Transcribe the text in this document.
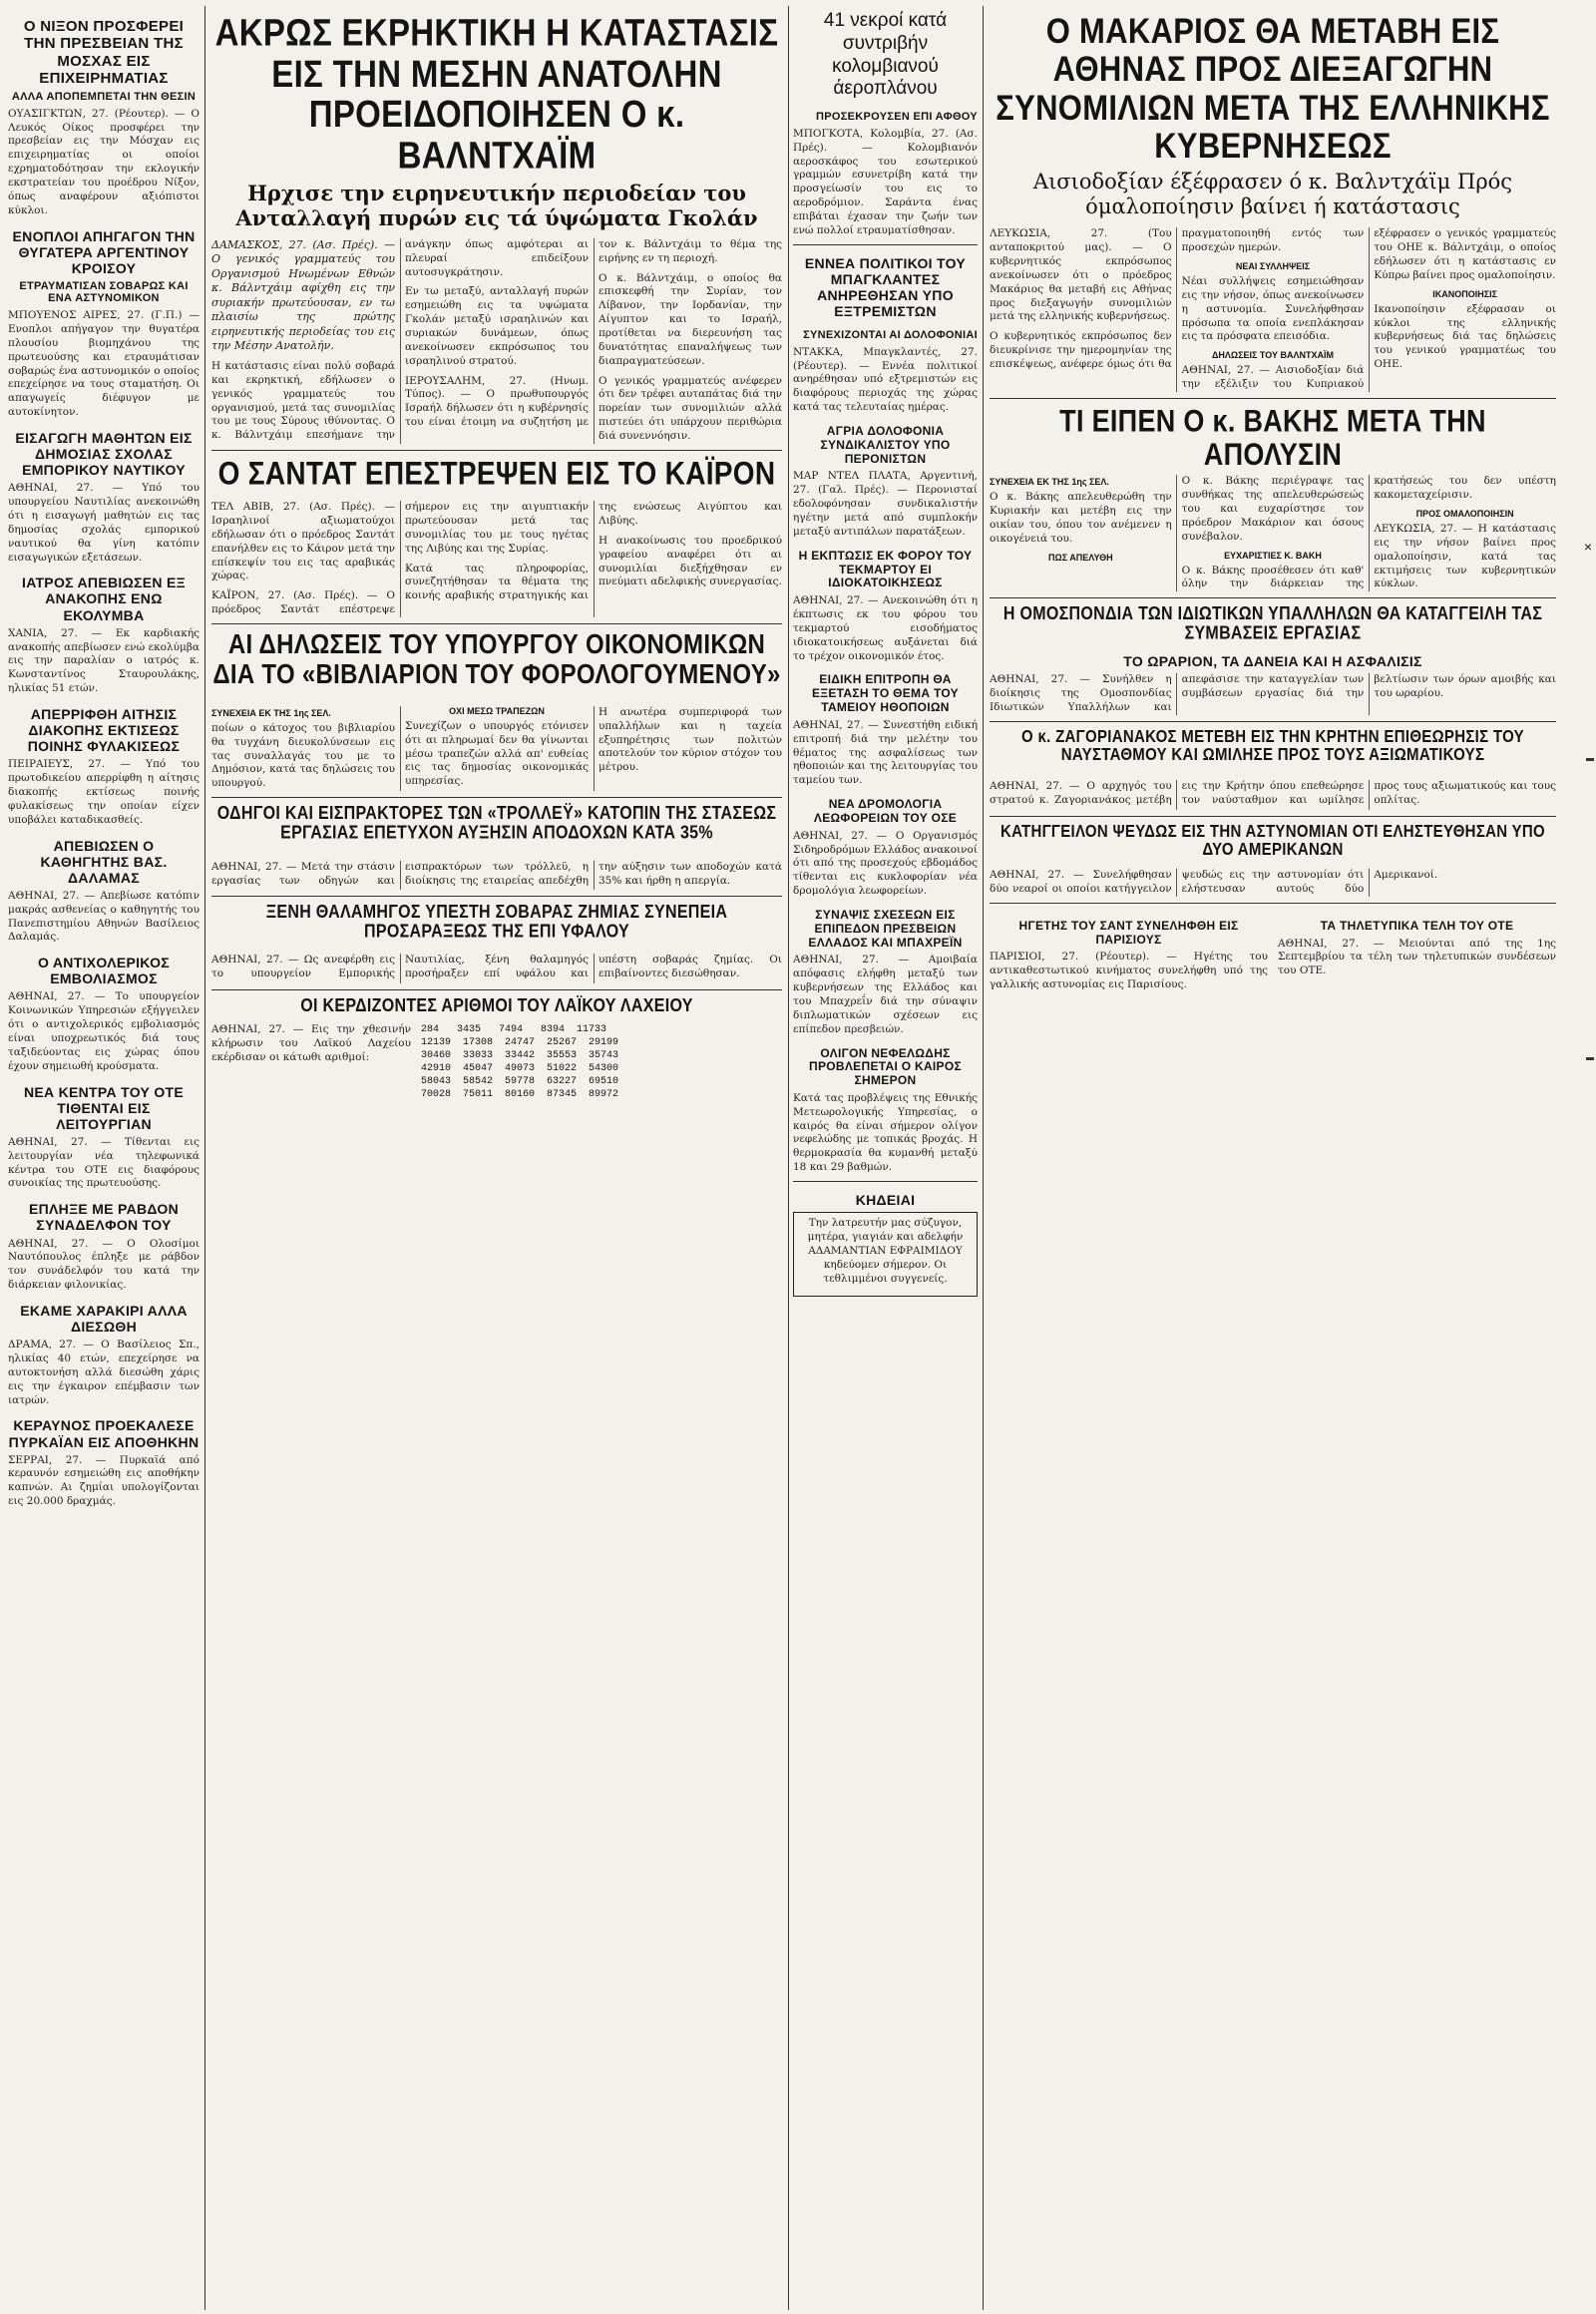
Ο ΝΙΞΟΝ ΠΡΟΣΦΕΡΕΙ ΤΗΝ ΠΡΕΣΒΕΙΑΝ ΤΗΣ ΜΟΣΧΑΣ ΕΙΣ ΕΠΙΧΕΙΡΗΜΑΤΙΑΣ
ΑΛΛΑ ΑΠΟΠΕΜΠΕΤΑΙ ΤΗΝ ΘΕΣΙΝ

ΟΥΑΣΙΓΚΤΩΝ, 27. (Ρέουτερ). — Ο Λευκός Οίκος προσφέρει την πρεσβείαν εις την Μόσχαν εις επιχειρηματίας οι οποίοι εχρηματοδότησαν την εκλογικήν εκστρατείαν του προέδρου Νίξον, όπως αναφέρουν αξιόπιστοι κύκλοι.

ΕΝΟΠΛΟΙ ΑΠΗΓΑΓΟΝ ΤΗΝ ΘΥΓΑΤΕΡΑ ΑΡΓΕΝΤΙΝΟΥ ΚΡΟΙΣΟΥ
ΕΤΡΑΥΜΑΤΙΣΑΝ ΣΟΒΑΡΩΣ ΚΑΙ ΕΝΑ ΑΣΤΥΝΟΜΙΚΟΝ

ΜΠΟΥΕΝΟΣ ΑΙΡΕΣ, 27. (Γ.Π.) — Ενοπλοι απήγαγον την θυγατέρα πλουσίου βιομηχάνου της πρωτευούσης και ετραυμάτισαν σοβαρώς ένα αστυνομικόν ο οποίος επεχείρησε να τους σταματήση. Οι απαγωγείς διέφυγον με αυτοκίνητον.

ΕΙΣΑΓΩΓΗ ΜΑΘΗΤΩΝ ΕΙΣ ΔΗΜΟΣΙΑΣ ΣΧΟΛΑΣ ΕΜΠΟΡΙΚΟΥ ΝΑΥΤΙΚΟΥ

ΑΘΗΝΑΙ, 27. — Υπό του υπουργείου Ναυτιλίας ανεκοινώθη ότι η εισαγωγή μαθητών εις τας δημοσίας σχολάς εμπορικού ναυτικού θα γίνη κατόπιν εισαγωγικών εξετάσεων.

ΙΑΤΡΟΣ ΑΠΕΒΙΩΣΕΝ ΕΞ ΑΝΑΚΟΠΗΣ ΕΝΩ ΕΚΟΛΥΜΒΑ

ΧΑΝΙΑ, 27. — Εκ καρδιακής ανακοπής απεβίωσεν ενώ εκολύμβα εις την παραλίαν ο ιατρός κ. Κωνσταντίνος Σταυρουλάκης, ηλικίας 51 ετών.

ΑΠΕΡΡΙΦΘΗ ΑΙΤΗΣΙΣ ΔΙΑΚΟΠΗΣ ΕΚΤΙΣΕΩΣ ΠΟΙΝΗΣ ΦΥΛΑΚΙΣΕΩΣ

ΠΕΙΡΑΙΕΥΣ, 27. — Υπό του πρωτοδικείου απερρίφθη η αίτησις διακοπής εκτίσεως ποινής φυλακίσεως την οποίαν είχεν υποβάλει καταδικασθείς.

ΑΠΕΒΙΩΣΕΝ Ο ΚΑΘΗΓΗΤΗΣ ΒΑΣ. ΔΑΛΑΜΑΣ

ΑΘΗΝΑΙ, 27. — Απεβίωσε κατόπιν μακράς ασθενείας ο καθηγητής του Πανεπιστημίου Αθηνών Βασίλειος Δαλαμάς.

Ο ΑΝΤΙΧΟΛΕΡΙΚΟΣ ΕΜΒΟΛΙΑΣΜΟΣ

ΑΘΗΝΑΙ, 27. — Το υπουργείον Κοινωνικών Υπηρεσιών εξήγγειλεν ότι ο αντιχολερικός εμβολιασμός είναι υποχρεωτικός διά τους ταξιδεύοντας εις χώρας όπου έχουν σημειωθή κρούσματα.

ΝΕΑ ΚΕΝΤΡΑ ΤΟΥ ΟΤΕ ΤΙΘΕΝΤΑΙ ΕΙΣ ΛΕΙΤΟΥΡΓΙΑΝ

ΑΘΗΝΑΙ, 27. — Τίθενται εις λειτουργίαν νέα τηλεφωνικά κέντρα του ΟΤΕ εις διαφόρους συνοικίας της πρωτευούσης.

ΕΠΛΗΞΕ ΜΕ ΡΑΒΔΟΝ ΣΥΝΑΔΕΛΦΟΝ ΤΟΥ

ΑΘΗΝΑΙ, 27. — Ο Ολοσίμοι Ναυτόπουλος έπληξε με ράβδον τον συνάδελφόν του κατά την διάρκειαν φιλονικίας.

ΕΚΑΜΕ ΧΑΡΑΚΙΡΙ ΑΛΛΑ ΔΙΕΣΩΘΗ

ΔΡΑΜΑ, 27. — Ο Βασίλειος Σπ., ηλικίας 40 ετών, επεχείρησε να αυτοκτονήση αλλά διεσώθη χάρις εις την έγκαιρον επέμβασιν των ιατρών.

ΚΕΡΑΥΝΟΣ ΠΡΟΕΚΑΛΕΣΕ ΠΥΡΚΑΪΑΝ ΕΙΣ ΑΠΟΘΗΚΗΝ

ΣΕΡΡΑΙ, 27. — Πυρκαϊά από κεραυνόν εσημειώθη εις αποθήκην καπνών. Αι ζημίαι υπολογίζονται εις 20.000 δραχμάς.

ΑΚΡΩΣ ΕΚΡΗΚΤΙΚΗ Η ΚΑΤΑΣΤΑΣΙΣ ΕΙΣ ΤΗΝ ΜΕΣΗΝ ΑΝΑΤΟΛΗΝ ΠΡΟΕΙΔΟΠΟΙΗΣΕΝ Ο κ. ΒΑΛΝΤΧΑΪΜ
Ηρχισε την ειρηνευτικήν περιοδείαν του Ανταλλαγή πυρών εις τά ύψώματα Γκολάν

ΔΑΜΑΣΚΟΣ, 27. (Ασ. Πρές). — Ο γενικός γραμματεύς του Οργανισμού Ηνωμένων Εθνών κ. Βάλντχάιμ αφίχθη εις την συριακήν πρωτεύουσαν, εν τω πλαισίω της πρώτης ειρηνευτικής περιοδείας του εις την Μέσην Ανατολήν.

Η κατάστασις είναι πολύ σοβαρά και εκρηκτική, εδήλωσεν ο γενικός γραμματεύς του οργανισμού, μετά τας συνομιλίας του με τους Σύρους ιθύνοντας. Ο κ. Βάλντχάιμ επεσήμανε την ανάγκην όπως αμφότεραι αι πλευραί επιδείξουν αυτοσυγκράτησιν.

Εν τω μεταξύ, ανταλλαγή πυρών εσημειώθη εις τα υψώματα Γκολάν μεταξύ ισραηλινών και συριακών δυνάμεων, όπως ανεκοίνωσεν εκπρόσωπος του ισραηλινού στρατού.

ΙΕΡΟΥΣΑΛΗΜ, 27. (Ηνωμ. Τύπος). — Ο πρωθυπουργός Ισραήλ δήλωσεν ότι η κυβέρνησίς του είναι έτοιμη να συζητήση με τον κ. Βάλντχάιμ το θέμα της ειρήνης εν τη περιοχή.

Ο κ. Βάλντχάιμ, ο οποίος θα επισκεφθή την Συρίαν, τον Λίβανον, την Ιορδανίαν, την Αίγυπτον και το Ισραήλ, προτίθεται να διερευνήση τας δυνατότητας επαναλήψεως των διαπραγματεύσεων.

Ο γενικός γραμματεύς ανέφερεν ότι δεν τρέφει αυταπάτας διά την πορείαν των συνομιλιών αλλά πιστεύει ότι υπάρχουν περιθώρια διά συνεννόησιν.

Ο ΣΑΝΤΑΤ ΕΠΕΣΤΡΕΨΕΝ ΕΙΣ ΤΟ ΚΑΪΡΟΝ

ΤΕΛ ΑΒΙΒ, 27. (Ασ. Πρές). — Ισραηλινοί αξιωματούχοι εδήλωσαν ότι ο πρόεδρος Σαντάτ επανήλθεν εις το Κάιρον μετά την επίσκεψίν του εις τας αραβικάς χώρας.

ΚΑΪΡΟΝ, 27. (Ασ. Πρές). — Ο πρόεδρος Σαντάτ επέστρεψε σήμερον εις την αιγυπτιακήν πρωτεύουσαν μετά τας συνομιλίας του με τους ηγέτας της Λιβύης και της Συρίας.

Κατά τας πληροφορίας, συνεζητήθησαν τα θέματα της κοινής αραβικής στρατηγικής και της ενώσεως Αιγύπτου και Λιβύης.

Η ανακοίνωσις του προεδρικού γραφείου αναφέρει ότι αι συνομιλίαι διεξήχθησαν εν πνεύματι αδελφικής συνεργασίας.

ΑΙ ΔΗΛΩΣΕΙΣ ΤΟΥ ΥΠΟΥΡΓΟΥ ΟΙΚΟΝΟΜΙΚΩΝ ΔΙΑ ΤΟ «ΒΙΒΛΙΑΡΙΟΝ ΤΟΥ ΦΟΡΟΛΟΓΟΥΜΕΝΟΥ»
ΣΥΝΕΧΕΙΑ ΕΚ ΤΗΣ 1ης ΣΕΛ.

ποίων ο κάτοχος του βιβλιαρίου θα τυγχάνη διευκολύνσεων εις τας συναλλαγάς του με το Δημόσιον, κατά τας δηλώσεις του υπουργού.

ΟΧΙ ΜΕΣΩ ΤΡΑΠΕΖΩΝ

Συνεχίζων ο υπουργός ετόνισεν ότι αι πληρωμαί δεν θα γίνωνται μέσω τραπεζών αλλά απ' ευθείας εις τας δημοσίας οικονομικάς υπηρεσίας.

Η ανωτέρα συμπεριφορά των υπαλλήλων και η ταχεία εξυπηρέτησις των πολιτών αποτελούν τον κύριον στόχον του μέτρου.

ΟΔΗΓΟΙ ΚΑΙ ΕΙΣΠΡΑΚΤΟΡΕΣ ΤΩΝ «ΤΡΟΛΛΕΫ» ΚΑΤΟΠΙΝ ΤΗΣ ΣΤΑΣΕΩΣ ΕΡΓΑΣΙΑΣ ΕΠΕΤΥΧΟΝ ΑΥΞΗΣΙΝ ΑΠΟΔΟΧΩΝ ΚΑΤΑ 35%

ΑΘΗΝΑΙ, 27. — Μετά την στάσιν εργασίας των οδηγών και εισπρακτόρων των τρόλλεϋ, η διοίκησις της εταιρείας απεδέχθη την αύξησιν των αποδοχών κατά 35% και ήρθη η απεργία.

ΞΕΝΗ ΘΑΛΑΜΗΓΟΣ ΥΠΕΣΤΗ ΣΟΒΑΡΑΣ ΖΗΜΙΑΣ ΣΥΝΕΠΕΙΑ ΠΡΟΣΑΡΑΞΕΩΣ ΤΗΣ ΕΠΙ ΥΦΑΛΟΥ

ΑΘΗΝΑΙ, 27. — Ως ανεφέρθη εις το υπουργείον Εμπορικής Ναυτιλίας, ξένη θαλαμηγός προσήραξεν επί υφάλου και υπέστη σοβαράς ζημίας. Οι επιβαίνοντες διεσώθησαν.

ΟΙ ΚΕΡΔΙΖΟΝΤΕΣ ΑΡΙΘΜΟΙ ΤΟΥ ΛΑΪΚΟΥ ΛΑΧΕΙΟΥ

ΑΘΗΝΑΙ, 27. — Εις την χθεσινήν κλήρωσιν του Λαϊκού Λαχείου εκέρδισαν οι κάτωθι αριθμοί:

284   3435   7494   8394  11733
12139  17308  24747  25267  29199
30460  33033  33442  35553  35743
42910  45047  49073  51022  54300
58043  58542  59778  63227  69510
70028  75011  80160  87345  89972
41 νεκροί κατά συντριβήν κολομβιανού άεροπλάνου
ΠΡΟΣΕΚΡΟΥΣΕΝ ΕΠΙ ΑΦΘΟΥ

ΜΠΟΓΚΟΤΑ, Κολομβία, 27. (Ασ. Πρές). — Κολομβιανόν αεροσκάφος του εσωτερικού γραμμών εσυνετρίβη κατά την προσγείωσίν του εις το αεροδρόμιον. Σαράντα ένας επιβάται έχασαν την ζωήν των ενώ πολλοί ετραυματίσθησαν.

ΕΝΝΕΑ ΠΟΛΙΤΙΚΟΙ ΤΟΥ ΜΠΑΓΚΛΑΝΤΕΣ ΑΝΗΡΕΘΗΣΑΝ ΥΠΟ ΕΞΤΡΕΜΙΣΤΩΝ
ΣΥΝΕΧΙΖΟΝΤΑΙ ΑΙ ΔΟΛΟΦΟΝΙΑΙ

ΝΤΑΚΚΑ, Μπαγκλαντές, 27. (Ρέουτερ). — Εννέα πολιτικοί ανηρέθησαν υπό εξτρεμιστών εις διαφόρους περιοχάς της χώρας κατά τας τελευταίας ημέρας.

ΑΓΡΙΑ ΔΟΛΟΦΟΝΙΑ ΣΥΝΔΙΚΑΛΙΣΤΟΥ ΥΠΟ ΠΕΡΟΝΙΣΤΩΝ

ΜΑΡ ΝΤΕΛ ΠΛΑΤΑ, Αργεντινή, 27. (Γαλ. Πρές). — Περονισταί εδολοφόνησαν συνδικαλιστήν ηγέτην μετά από συμπλοκήν μεταξύ αντιπάλων παρατάξεων.

Η ΕΚΠΤΩΣΙΣ ΕΚ ΦΟΡΟΥ ΤΟΥ ΤΕΚΜΑΡΤΟΥ ΕΙ ΙΔΙΟΚΑΤΟΙΚΗΣΕΩΣ

ΑΘΗΝΑΙ, 27. — Ανεκοινώθη ότι η έκπτωσις εκ του φόρου του τεκμαρτού εισοδήματος ιδιοκατοικήσεως αυξάνεται διά το τρέχον οικονομικόν έτος.

ΕΙΔΙΚΗ ΕΠΙΤΡΟΠΗ ΘΑ ΕΞΕΤΑΣΗ ΤΟ ΘΕΜΑ ΤΟΥ ΤΑΜΕΙΟΥ ΗΘΟΠΟΙΩΝ

ΑΘΗΝΑΙ, 27. — Συνεστήθη ειδική επιτροπή διά την μελέτην του θέματος της ασφαλίσεως των ηθοποιών και της λειτουργίας του ταμείου των.

ΝΕΑ ΔΡΟΜΟΛΟΓΙΑ ΛΕΩΦΟΡΕΙΩΝ ΤΟΥ ΟΣΕ

ΑΘΗΝΑΙ, 27. — Ο Οργανισμός Σιδηροδρόμων Ελλάδος ανακοινοί ότι από της προσεχούς εβδομάδος τίθενται εις κυκλοφορίαν νέα δρομολόγια λεωφορείων.

ΣΥΝΑΨΙΣ ΣΧΕΣΕΩΝ ΕΙΣ ΕΠΙΠΕΔΟΝ ΠΡΕΣΒΕΙΩΝ ΕΛΛΑΔΟΣ ΚΑΙ ΜΠΑΧΡΕΪΝ

ΑΘΗΝΑΙ, 27. — Αμοιβαία απόφασις ελήφθη μεταξύ των κυβερνήσεων της Ελλάδος και του Μπαχρεΐν διά την σύναψιν διπλωματικών σχέσεων εις επίπεδον πρεσβειών.

ΟΛΙΓΟΝ ΝΕΦΕΛΩΔΗΣ ΠΡΟΒΛΕΠΕΤΑΙ Ο ΚΑΙΡΟΣ ΣΗΜΕΡΟΝ

Κατά τας προβλέψεις της Εθνικής Μετεωρολογικής Υπηρεσίας, ο καιρός θα είναι σήμερον ολίγον νεφελώδης με τοπικάς βροχάς. Η θερμοκρασία θα κυμανθή μεταξύ 18 και 29 βαθμών.

ΚΗΔΕΙΑΙ

Την λατρευτήν μας σύζυγον, μητέρα, γιαγιάν και αδελφήν ΑΔΑΜΑΝΤΙΑΝ ΕΦΡΑΙΜΙΔΟΥ κηδεύομεν σήμερον. Οι τεθλιμμένοι συγγενείς.

Ο ΜΑΚΑΡΙΟΣ ΘΑ ΜΕΤΑΒΗ ΕΙΣ ΑΘΗΝΑΣ ΠΡΟΣ ΔΙΕΞΑΓΩΓΗΝ ΣΥΝΟΜΙΛΙΩΝ ΜΕΤΑ ΤΗΣ ΕΛΛΗΝΙΚΗΣ ΚΥΒΕΡΝΗΣΕΩΣ
Αισιοδοξίαν έξέφρασεν ό κ. Βαλντχάϊμ Πρός όμαλοποίησιν βαίνει ή κατάστασις

ΛΕΥΚΩΣΙΑ, 27. (Του ανταποκριτού μας). — Ο κυβερνητικός εκπρόσωπος ανεκοίνωσεν ότι ο πρόεδρος Μακάριος θα μεταβή εις Αθήνας προς διεξαγωγήν συνομιλιών μετά της ελληνικής κυβερνήσεως.

Ο κυβερνητικός εκπρόσωπος δεν διευκρίνισε την ημερομηνίαν της επισκέψεως, ανέφερε όμως ότι θα πραγματοποιηθή εντός των προσεχών ημερών.

ΝΕΑΙ ΣΥΛΛΗΨΕΙΣ

Νέαι συλλήψεις εσημειώθησαν εις την νήσον, όπως ανεκοίνωσεν η αστυνομία. Συνελήφθησαν πρόσωπα τα οποία ενεπλάκησαν εις τα πρόσφατα επεισόδια.

ΔΗΛΩΣΕΙΣ ΤΟΥ ΒΑΛΝΤΧΑΪΜ

ΑΘΗΝΑΙ, 27. — Αισιοδοξίαν διά την εξέλιξιν του Κυπριακού εξέφρασεν ο γενικός γραμματεύς του ΟΗΕ κ. Βάλντχάιμ, ο οποίος εδήλωσεν ότι η κατάστασις εν Κύπρω βαίνει προς ομαλοποίησιν.

ΙΚΑΝΟΠΟΙΗΣΙΣ

Ικανοποίησιν εξέφρασαν οι κύκλοι της ελληνικής κυβερνήσεως διά τας δηλώσεις του γενικού γραμματέως του ΟΗΕ.

ΤΙ ΕΙΠΕΝ Ο κ. ΒΑΚΗΣ ΜΕΤΑ ΤΗΝ ΑΠΟΛΥΣΙΝ
ΣΥΝΕΧΕΙΑ ΕΚ ΤΗΣ 1ης ΣΕΛ.

Ο κ. Βάκης απελευθερώθη την Κυριακήν και μετέβη εις την οικίαν του, όπου τον ανέμενεν η οικογένειά του.

ΠΩΣ ΑΠΕΛΥΘΗ

Ο κ. Βάκης περιέγραψε τας συνθήκας της απελευθερώσεώς του και ευχαρίστησε τον πρόεδρον Μακάριον και όσους συνέβαλον.

ΕΥΧΑΡΙΣΤΙΕΣ Κ. ΒΑΚΗ

Ο κ. Βάκης προσέθεσεν ότι καθ' όλην την διάρκειαν της κρατήσεώς του δεν υπέστη κακομεταχείρισιν.

ΠΡΟΣ ΟΜΑΛΟΠΟΙΗΣΙΝ

ΛΕΥΚΩΣΙΑ, 27. — Η κατάστασις εις την νήσον βαίνει προς ομαλοποίησιν, κατά τας εκτιμήσεις των κυβερνητικών κύκλων.

Η ΟΜΟΣΠΟΝΔΙΑ ΤΩΝ ΙΔΙΩΤΙΚΩΝ ΥΠΑΛΛΗΛΩΝ ΘΑ ΚΑΤΑΓΓΕΙΛΗ ΤΑΣ ΣΥΜΒΑΣΕΙΣ ΕΡΓΑΣΙΑΣ
ΤΟ ΩΡΑΡΙΟΝ, ΤΑ ΔΑΝΕΙΑ ΚΑΙ Η ΑΣΦΑΛΙΣΙΣ

ΑΘΗΝΑΙ, 27. — Συνήλθεν η διοίκησις της Ομοσπονδίας Ιδιωτικών Υπαλλήλων και απεφάσισε την καταγγελίαν των συμβάσεων εργασίας διά την βελτίωσιν των όρων αμοιβής και του ωραρίου.

Ο κ. ΖΑΓΟΡΙΑΝΑΚΟΣ ΜΕΤΕΒΗ ΕΙΣ ΤΗΝ ΚΡΗΤΗΝ ΕΠΙΘΕΩΡΗΣΙΣ ΤΟΥ ΝΑΥΣΤΑΘΜΟΥ ΚΑΙ ΩΜΙΛΗΣΕ ΠΡΟΣ ΤΟΥΣ ΑΞΙΩΜΑΤΙΚΟΥΣ

ΑΘΗΝΑΙ, 27. — Ο αρχηγός του στρατού κ. Ζαγοριανάκος μετέβη εις την Κρήτην όπου επεθεώρησε τον ναύσταθμον και ωμίλησε προς τους αξιωματικούς και τους οπλίτας.

ΚΑΤΗΓΓΕΙΛΟΝ ΨΕΥΔΩΣ ΕΙΣ ΤΗΝ ΑΣΤΥΝΟΜΙΑΝ ΟΤΙ ΕΛΗΣΤΕΥΘΗΣΑΝ ΥΠΟ ΔΥΟ ΑΜΕΡΙΚΑΝΩΝ

ΑΘΗΝΑΙ, 27. — Συνελήφθησαν δύο νεαροί οι οποίοι κατήγγειλον ψευδώς εις την αστυνομίαν ότι ελήστευσαν αυτούς δύο Αμερικανοί.

ΗΓΕΤΗΣ ΤΟΥ ΣΑΝΤ ΣΥΝΕΛΗΦΘΗ ΕΙΣ ΠΑΡΙΣΙΟΥΣ

ΠΑΡΙΣΙΟΙ, 27. (Ρέουτερ). — Ηγέτης του αντικαθεστωτικού κινήματος συνελήφθη υπό της γαλλικής αστυνομίας εις Παρισίους.

ΤΑ ΤΗΛΕΤΥΠΙΚΑ ΤΕΛΗ ΤΟΥ ΟΤΕ

ΑΘΗΝΑΙ, 27. — Μειούνται από της 1ης Σεπτεμβρίου τα τέλη των τηλετυπικών συνδέσεων του ΟΤΕ.

×
